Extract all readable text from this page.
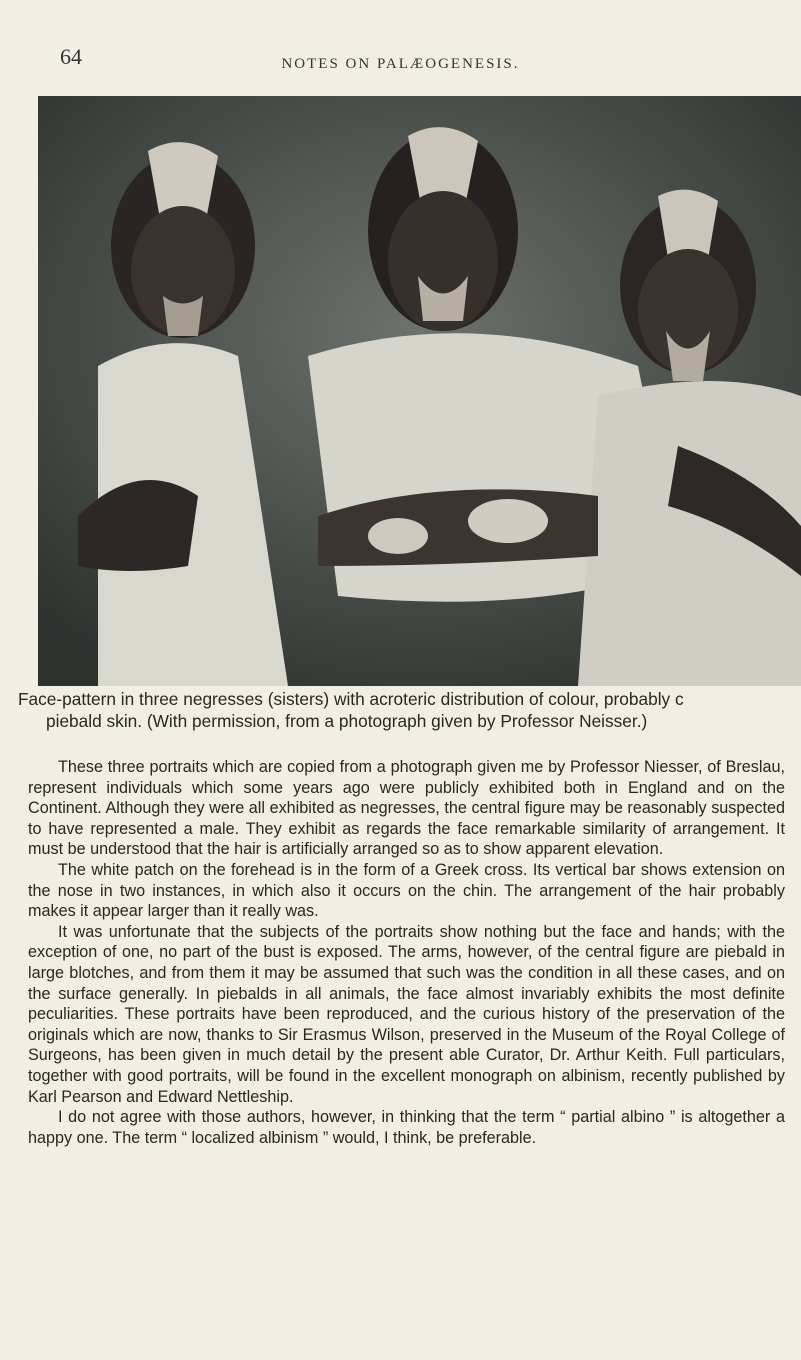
64	NOTES ON PALÆOGENESIS.

Face-pattern in three negresses (sisters) with acroteric distribution of colour, probably c

piebald skin. (With permission, from a photograph given by Professor Neisser.)

These three portraits which are copied from a photograph given me by Professor Niesser, of Breslau, represent individuals which some years ago were publicly exhibited both in England and on the Continent. Although they were all exhibited as negresses, the central figure may be reasonably suspected to have represented a male. They exhibit as regards the face remarkable similarity of arrangement. It must be understood that the hair is artificially arranged so as to show apparent elevation.

The white patch on the forehead is in the form of a Greek cross. Its vertical bar shows extension on the nose in two instances, in which also it occurs on the chin. The arrangement of the hair probably makes it appear larger than it really was.

It was unfortunate that the subjects of the portraits show nothing but the face and hands; with the exception of one, no part of the bust is exposed. The arms, however, of the central figure are piebald in large blotches, and from them it may be assumed that such was the condition in all these cases, and on the surface generally. In piebalds in all animals, the face almost invariably exhibits the most definite peculiarities. These portraits have been reproduced, and the curious history of the preservation of the originals which are now, thanks to Sir Erasmus Wilson, preserved in the Museum of the Royal College of Surgeons, has been given in much detail by the present able Curator, Dr. Arthur Keith. Full particulars, together with good portraits, will be found in the excellent monograph on albinism, recently published by Karl Pearson and Edward Nettleship.

I do not agree with those authors, however, in thinking that the term “ partial albino ” is altogether a happy one. The term “ localized albinism ” would, I think, be preferable.
